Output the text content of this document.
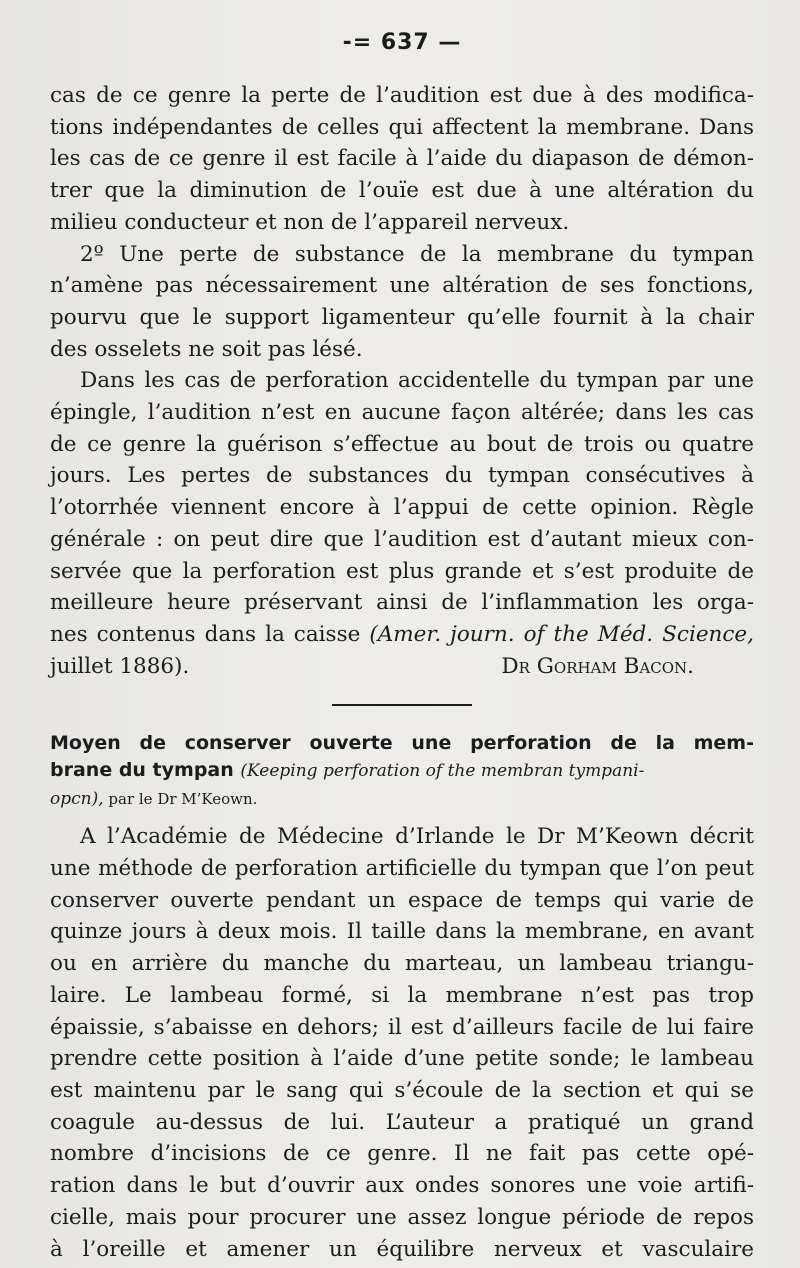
-= 637 —
cas de ce genre la perte de l’audition est due à des modifica-
tions indépendantes de celles qui affectent la membrane. Dans
les cas de ce genre il est facile à l’aide du diapason de démon-
trer que la diminution de l’ouïe est due à une altération du
milieu conducteur et non de l’appareil nerveux.
2º Une perte de substance de la membrane du tympan
n’amène pas nécessairement une altération de ses fonctions,
pourvu que le support ligamenteur qu’elle fournit à la chair
des osselets ne soit pas lésé.
Dans les cas de perforation accidentelle du tympan par une
épingle, l’audition n’est en aucune façon altérée; dans les cas
de ce genre la guérison s’effectue au bout de trois ou quatre
jours. Les pertes de substances du tympan consécutives à
l’otorrhée viennent encore à l’appui de cette opinion. Règle
générale : on peut dire que l’audition est d’autant mieux con-
servée que la perforation est plus grande et s’est produite de
meilleure heure préservant ainsi de l’inflammation les orga-
nes contenus dans la caisse (Amer. journ. of the Méd. Science,
juillet 1886).	Dr Gorham Bacon.
Moyen de conserver ouverte une perforation de la mem-
brane du tympan (Keeping perforation of the membran tympani-
opcn), par le Dr M’Keown.
A l’Académie de Médecine d’Irlande le Dr M’Keown décrit
une méthode de perforation artificielle du tympan que l’on peut
conserver ouverte pendant un espace de temps qui varie de
quinze jours à deux mois. Il taille dans la membrane, en avant
ou en arrière du manche du marteau, un lambeau triangu-
laire. Le lambeau formé, si la membrane n’est pas trop
épaissie, s’abaisse en dehors; il est d’ailleurs facile de lui faire
prendre cette position à l’aide d’une petite sonde; le lambeau
est maintenu par le sang qui s’écoule de la section et qui se
coagule au-dessus de lui. L’auteur a pratiqué un grand
nombre d’incisions de ce genre. Il ne fait pas cette opé-
ration dans le but d’ouvrir aux ondes sonores une voie artifi-
cielle, mais pour procurer une assez longue période de repos
à l’oreille et amener un équilibre nerveux et vasculaire
